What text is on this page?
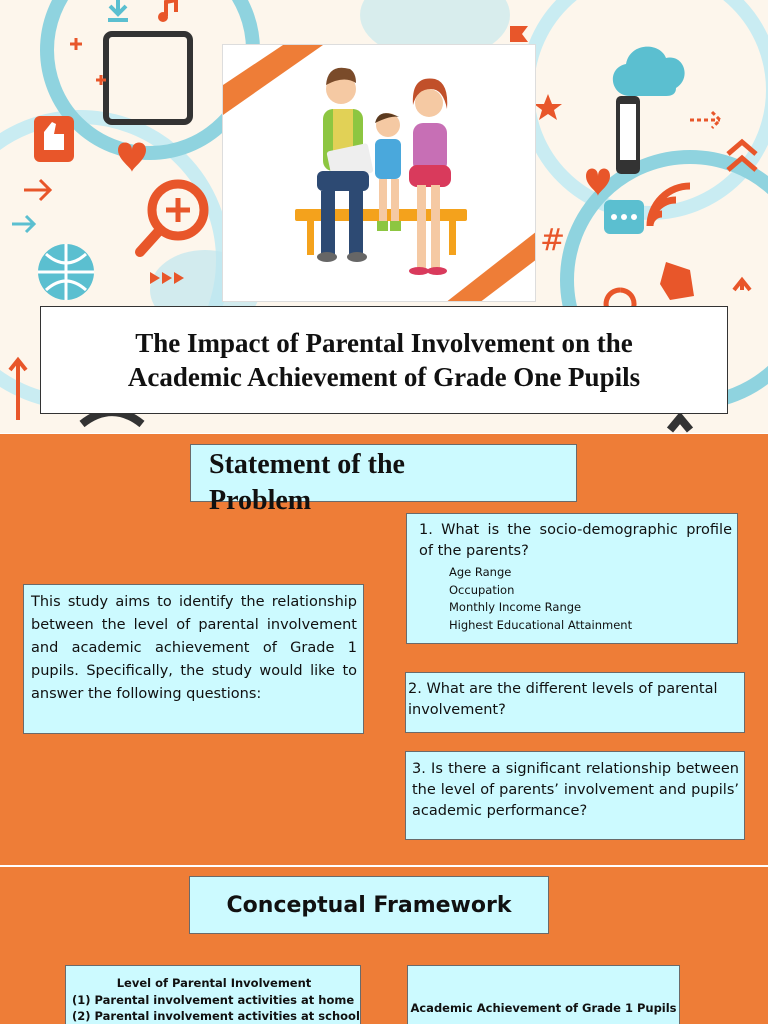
#
The Impact of Parental Involvement on the
Academic Achievement of Grade One Pupils
Statement of the
Problem

This study aims to identify the relationship between the level of parental involvement and academic achievement of Grade 1 pupils. Specifically, the study would like to answer the following questions:

1. What is the socio-demographic profile of the parents?

Age Range
Occupation
Monthly Income Range
Highest Educational Attainment

2. What are the different levels of parental involvement?

3. Is there a significant relationship between the level of parents’ involvement and pupils’ academic performance?

Conceptual Framework
Level of Parental Involvement
(1) Parental involvement activities at home
(2) Parental involvement activities at school
Academic Achievement of Grade 1 Pupils
